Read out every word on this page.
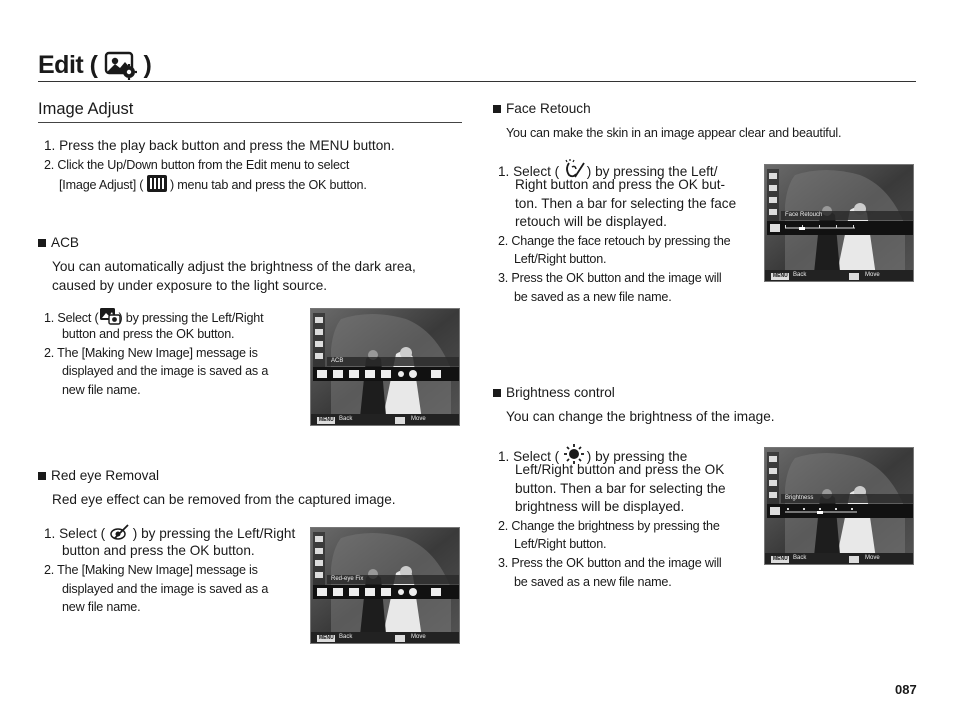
Edit ( )
Image Adjust
1. Press the play back button and press the MENU button.
2. Click the Up/Down button from the Edit menu to select
[Image Adjust] ( ) menu tab and press the OK button.
ACB
You can automatically adjust the brightness of the dark area,
caused by under exposure to the light source.
1. Select ( ) by pressing the Left/Right
button and press the OK button.
2. The [Making New Image] message is
displayed and the image is saved as a
new file name.
ACB
MENU Back	Move
Red eye Removal
Red eye effect can be removed from the captured image.
1. Select ( ) by pressing the Left/Right
button and press the OK button.
2. The [Making New Image] message is
displayed and the image is saved as a
new file name.
Red-eye Fix
MENU Back	Move
Face Retouch
You can make the skin in an image appear clear and beautiful.
1. Select ( ) by pressing the Left/
Right button and press the OK but-
ton. Then a bar for selecting the face
retouch will be displayed.
2. Change the face retouch by pressing the
Left/Right button.
3. Press the OK button and the image will
be saved as a new file name.
Face Retouch
MENU Back	Move
Brightness control
You can change the brightness of the image.
1. Select ( ) by pressing the
Left/Right button and press the OK
button. Then a bar for selecting the
brightness will be displayed.
2. Change the brightness by pressing the
Left/Right button.
3. Press the OK button and the image will
be saved as a new file name.
Brightness
MENU Back	Move
087
